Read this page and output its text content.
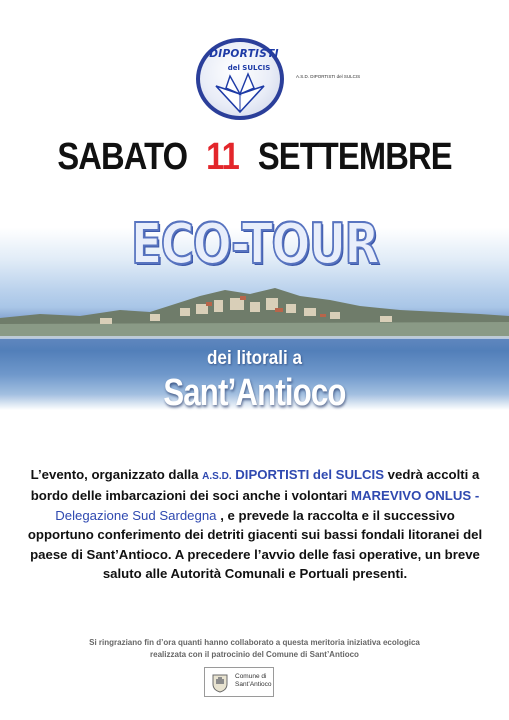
DIPORTISTI
del SULCIS
A.S.D. DIPORTISTI del SULCIS
SABATO 11 SETTEMBRE
ECO-TOUR
dei litorali a
Sant’Antioco
L’evento, organizzato dalla A.S.D. DIPORTISTI del SULCIS vedrà accolti a bordo delle imbarcazioni dei soci anche i volontari MAREVIVO ONLUS - Delegazione Sud Sardegna , e prevede la raccolta e il successivo opportuno conferimento dei detriti giacenti sui bassi fondali litoranei del paese di Sant’Antioco. A precedere l’avvio delle fasi operative, un breve saluto alle Autorità Comunali e Portuali presenti.
Si ringraziano fin d’ora quanti hanno collaborato a questa meritoria iniziativa ecologica
realizzata con il patrocinio del Comune di Sant’Antioco
Comune di
Sant’Antioco
